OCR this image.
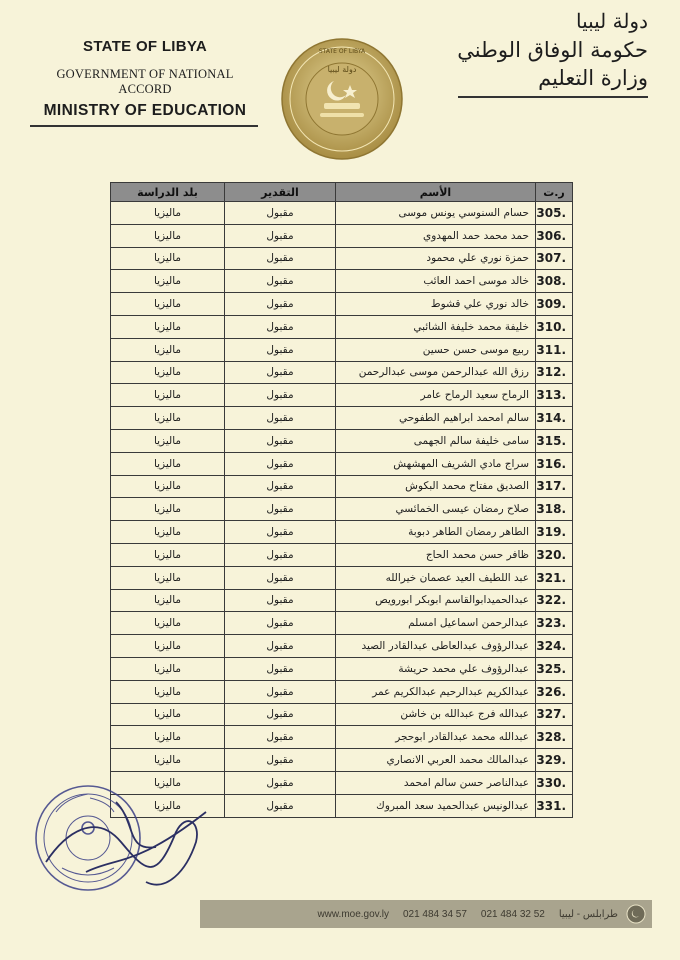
STATE OF LIBYA
GOVERNMENT OF NATIONAL ACCORD
MINISTRY OF EDUCATION
STATE OF LIBYA
دولة ليبيا
دولة ليبيا
حكومة الوفاق الوطني
وزارة التعليم
ر.ت	الأسم	التقدير	بلد الدراسة
.305	حسام السنوسي يونس موسى	مقبول	ماليزيا
.306	حمد محمد حمد المهدوي	مقبول	ماليزيا
.307	حمزة نوري علي محمود	مقبول	ماليزيا
.308	خالد موسى احمد العائب	مقبول	ماليزيا
.309	خالد نوري علي قشوط	مقبول	ماليزيا
.310	خليفة محمد خليفة الشائبي	مقبول	ماليزيا
.311	ربيع موسى حسن حسين	مقبول	ماليزيا
.312	رزق الله عبدالرحمن موسى عبدالرحمن	مقبول	ماليزيا
.313	الرماح سعيد الرماح عامر	مقبول	ماليزيا
.314	سالم امحمد ابراهيم الطفوحي	مقبول	ماليزيا
.315	سامى خليفة سالم الجهمى	مقبول	ماليزيا
.316	سراج مادي الشريف المهشهش	مقبول	ماليزيا
.317	الصديق مفتاح محمد البكوش	مقبول	ماليزيا
.318	صلاح رمضان عيسى الخمائسي	مقبول	ماليزيا
.319	الطاهر رمضان الطاهر دبوبة	مقبول	ماليزيا
.320	ظافر حسن محمد الحاج	مقبول	ماليزيا
.321	عبد اللطيف العيد عصمان خيرالله	مقبول	ماليزيا
.322	عبدالحميدابوالقاسم ابوبكر ابورويص	مقبول	ماليزيا
.323	عبدالرحمن اسماعيل امسلم	مقبول	ماليزيا
.324	عبدالرؤوف عبدالعاطى عبدالقادر الصيد	مقبول	ماليزيا
.325	عبدالرؤوف علي محمد حريشة	مقبول	ماليزيا
.326	عبدالكريم عبدالرحيم عبدالكريم عمر	مقبول	ماليزيا
.327	عبدالله فرج عبدالله بن خاشن	مقبول	ماليزيا
.328	عبدالله محمد عبدالقادر ابوحجر	مقبول	ماليزيا
.329	عبدالمالك محمد العربي الانصاري	مقبول	ماليزيا
.330	عبدالناصر حسن سالم امحمد	مقبول	ماليزيا
.331	عبدالونيس عبدالحميد سعد المبروك	مقبول	ماليزيا
www.moe.gov.ly 021 484 34 57 021 484 32 52 طرابلس - ليبيا
